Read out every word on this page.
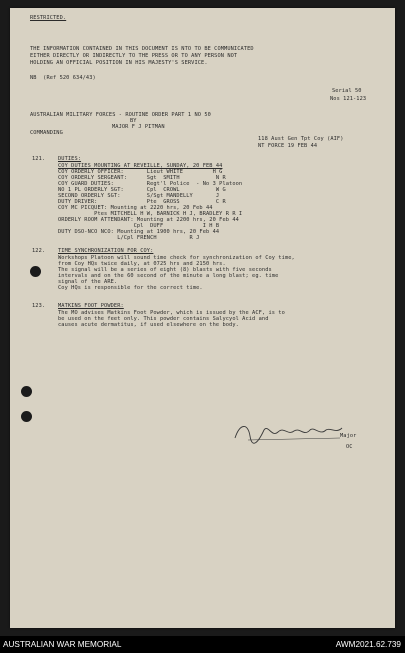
RESTRICTED.
THE INFORMATION CONTAINED IN THIS DOCUMENT IS NTO TO BE COMMUNICATED
EITHER DIRECTLY OR INDIRECTLY TO THE PRESS OR TO ANY PERSON NOT
HOLDING AN OFFICIAL POSITION IN HIS MAJESTY'S SERVICE.
NB  (Ref 520 634/43)
Serial 50
Nos 121-123
AUSTRALIAN MILITARY FORCES - ROUTINE ORDER PART 1 NO 50
BY
MAJOR F J PITMAN
COMMANDING
118 Aust Gen Tpt Coy (AIF)
NT FORCE 19 FEB 44
121. DUTIES:
COY DUTIES MOUNTING AT REVEILLE, SUNDAY, 20 FEB 44
COY ORDERLY OFFICER:       Lieut WHITE         H G
COY ORDERLY SERGEANT:      Sgt  SMITH           N R
COY GUARD DUTIES:          Regt'l Police  - No 3 Platoon
NO 1 PL ORDERLY SGT:       Cpl  CROWL           W G
SECOND ORDERLY SGT:        S/Sgt MANDELLY       J
DUTY DRIVER:               Pte  GROSS           C R
COY MC PICQUET: Mounting at 2220 hrs, 20 Feb 44
Ptes MITCHELL H W, BARNICK H J, BRADLEY R R I
ORDERLY ROOM ATTENDANT: Mounting at 2200 hrs, 20 Feb 44
Cpl  DUFF            I H B
DUTY DSO-NCO NCO: Mounting at 1900 hrs, 20 Feb 44
L/Cpl FRENCH          R J
122. TIME SYNCHRONIZATION FOR COY:
Workshops Platoon will sound time check for synchronization of Coy time,
from Coy HQs twice daily, at 0725 hrs and 2150 hrs.
The signal will be a series of eight (8) blasts with five seconds
intervals and on the 60 second of the minute a long blast; eg. time
signal of the ARE.
Coy HQs is responsible for the correct time.
123. MATKINS FOOT POWDER:
The MO advises Matkins Foot Powder, which is issued by the ACF, is to
be used on the feet only. This powder contains Salycyol Acid and
causes acute dermatitus, if used elsewhere on the body.
Major
OC
AUSTRALIAN WAR MEMORIAL	AWM2021.62.739
